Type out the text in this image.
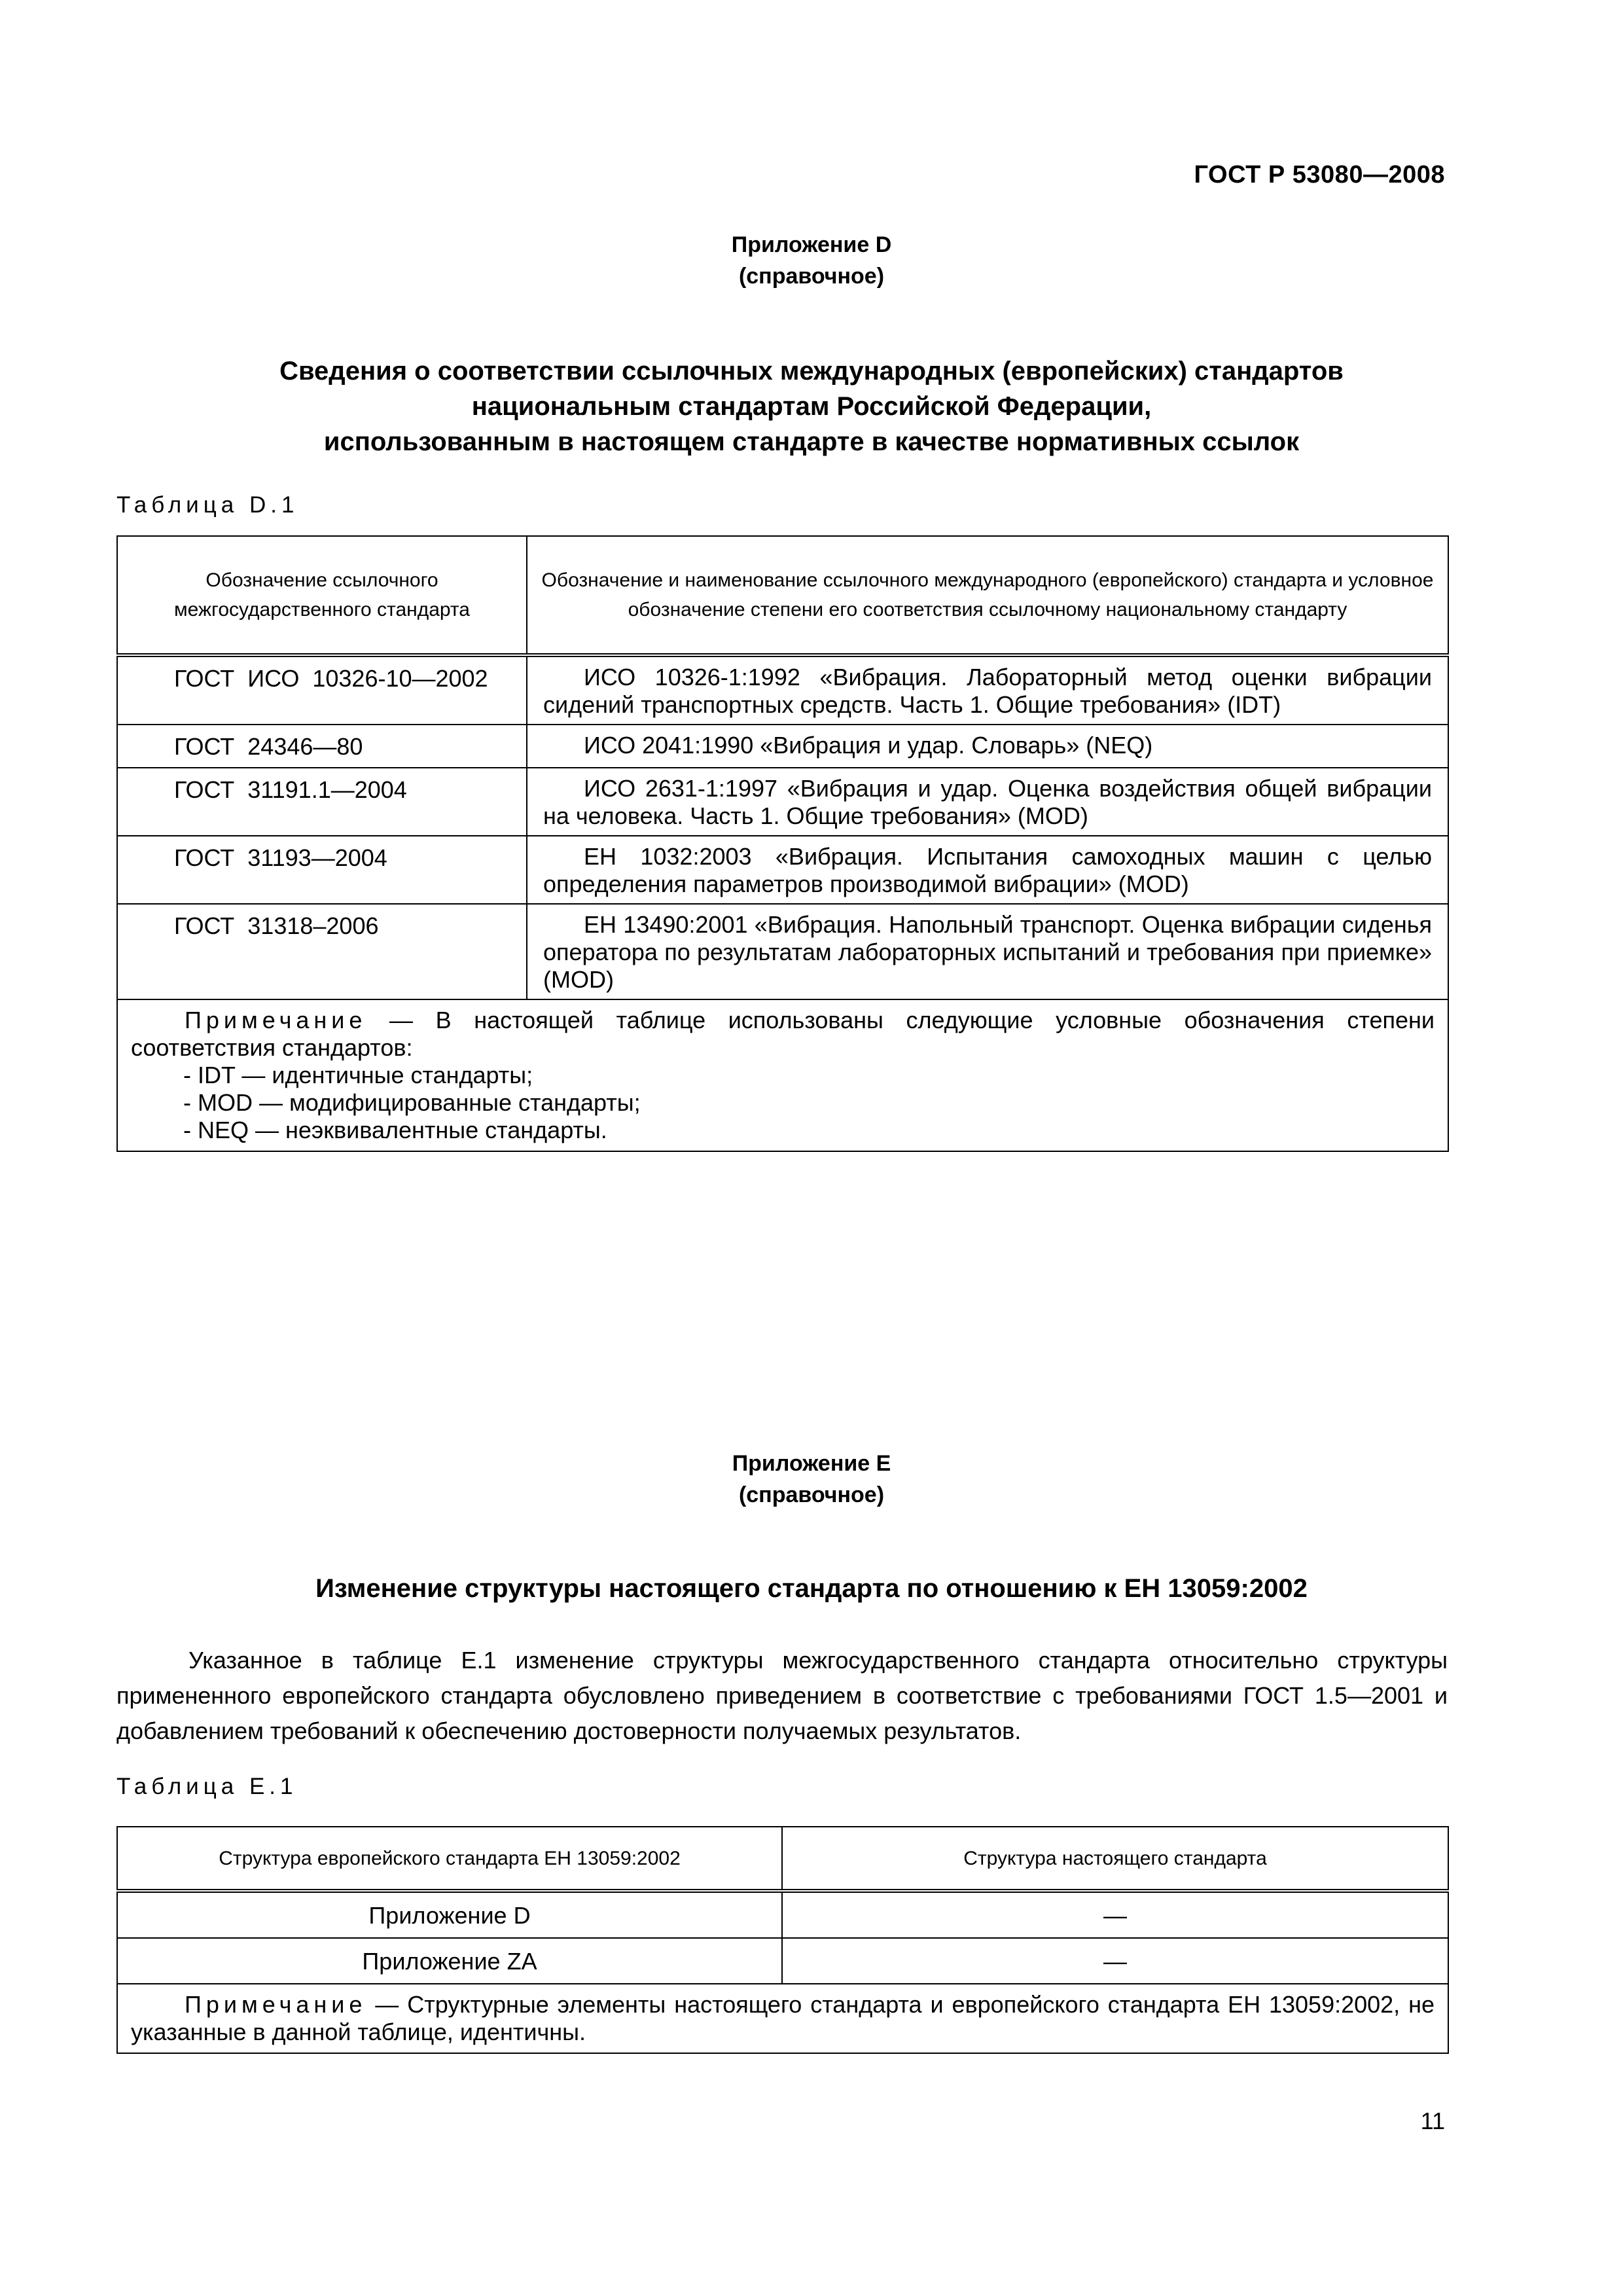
ГОСТ Р 53080—2008
Приложение D
(справочное)
Сведения о соответствии ссылочных международных (европейских) стандартов
национальным стандартам Российской Федерации,
использованным в настоящем стандарте в качестве нормативных ссылок
Таблица D.1
Обозначение ссылочного межгосударственного стандарта	Обозначение и наименование ссылочного международного (европейского) стандарта и условное обозначение степени его соответствия ссылочному национальному стандарту
ГОСТ ИСО 10326-10—2002	ИСО 10326-1:1992 «Вибрация. Лабораторный метод оценки вибрации сидений транспортных средств. Часть 1. Общие требования» (IDT)
ГОСТ 24346—80	ИСО 2041:1990 «Вибрация и удар. Словарь» (NEQ)
ГОСТ 31191.1—2004	ИСО 2631-1:1997 «Вибрация и удар. Оценка воздействия общей вибрации на человека. Часть 1. Общие требования» (MOD)
ГОСТ 31193—2004	ЕН 1032:2003 «Вибрация. Испытания самоходных машин с целью определения параметров производимой вибрации» (MOD)
ГОСТ 31318–2006	ЕН 13490:2001 «Вибрация. Напольный транспорт. Оценка вибрации сиденья оператора по результатам лабораторных испытаний и требования при приемке» (MOD)

Примечание — В настоящей таблице использованы следующие условные обозначения степени соответствия стандартов:
- IDT — идентичные стандарты;
- MOD — модифицированные стандарты;
- NEQ — неэквивалентные стандарты.	
Приложение Е
(справочное)
Изменение структуры настоящего стандарта по отношению к ЕН 13059:2002
Указанное в таблице Е.1 изменение структуры межгосударственного стандарта относительно структуры примененного европейского стандарта обусловлено приведением в соответствие с требованиями ГОСТ 1.5—2001 и добавлением требований к обеспечению достоверности получаемых результатов.
Таблица Е.1
Структура европейского стандарта ЕН 13059:2002	Структура настоящего стандарта
Приложение D	—
Приложение ZA	—

Примечание — Структурные элементы настоящего стандарта и европейского стандарта ЕН 13059:2002, не указанные в данной таблице, идентичны.	
11
